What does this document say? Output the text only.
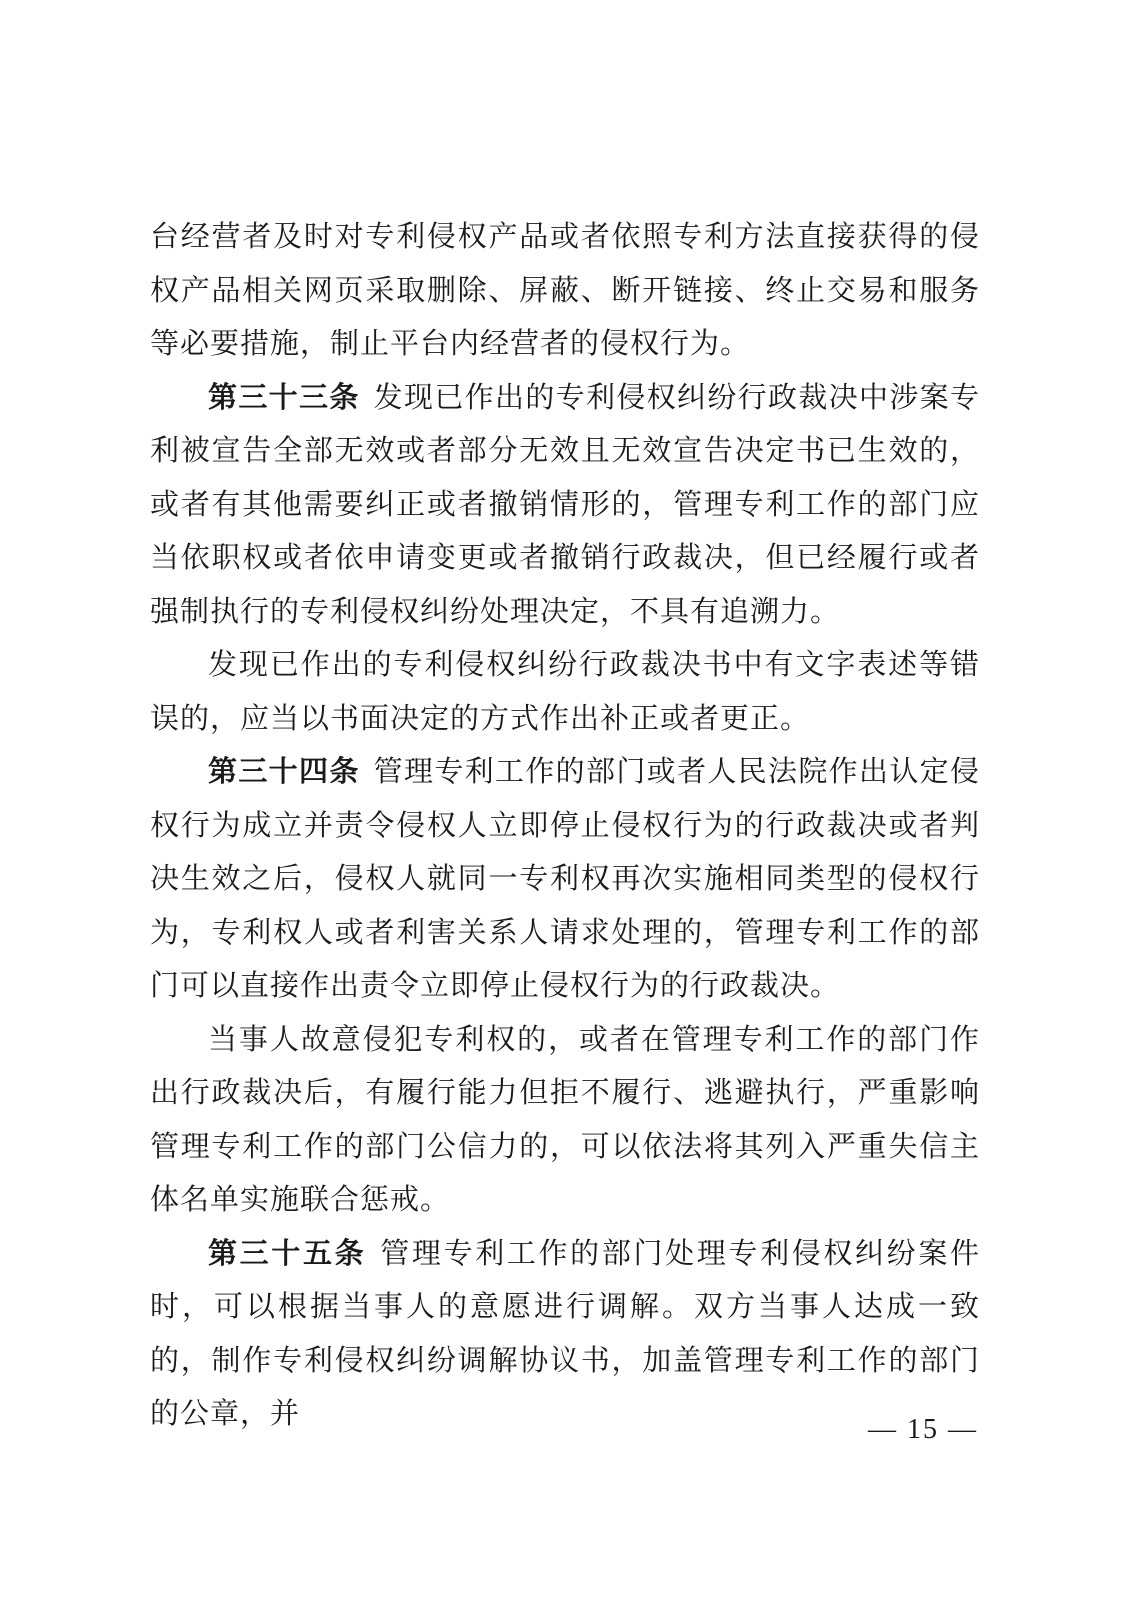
台经营者及时对专利侵权产品或者依照专利方法直接获得的侵权产品相关网页采取删除、屏蔽、断开链接、终止交易和服务等必要措施，制止平台内经营者的侵权行为。

第三十三条 发现已作出的专利侵权纠纷行政裁决中涉案专利被宣告全部无效或者部分无效且无效宣告决定书已生效的，或者有其他需要纠正或者撤销情形的，管理专利工作的部门应当依职权或者依申请变更或者撤销行政裁决，但已经履行或者强制执行的专利侵权纠纷处理决定，不具有追溯力。

发现已作出的专利侵权纠纷行政裁决书中有文字表述等错误的，应当以书面决定的方式作出补正或者更正。

第三十四条 管理专利工作的部门或者人民法院作出认定侵权行为成立并责令侵权人立即停止侵权行为的行政裁决或者判决生效之后，侵权人就同一专利权再次实施相同类型的侵权行为，专利权人或者利害关系人请求处理的，管理专利工作的部门可以直接作出责令立即停止侵权行为的行政裁决。

当事人故意侵犯专利权的，或者在管理专利工作的部门作出行政裁决后，有履行能力但拒不履行、逃避执行，严重影响管理专利工作的部门公信力的，可以依法将其列入严重失信主体名单实施联合惩戒。

第三十五条 管理专利工作的部门处理专利侵权纠纷案件时，可以根据当事人的意愿进行调解。双方当事人达成一致的，制作专利侵权纠纷调解协议书，加盖管理专利工作的部门的公章，并	— 15 —
